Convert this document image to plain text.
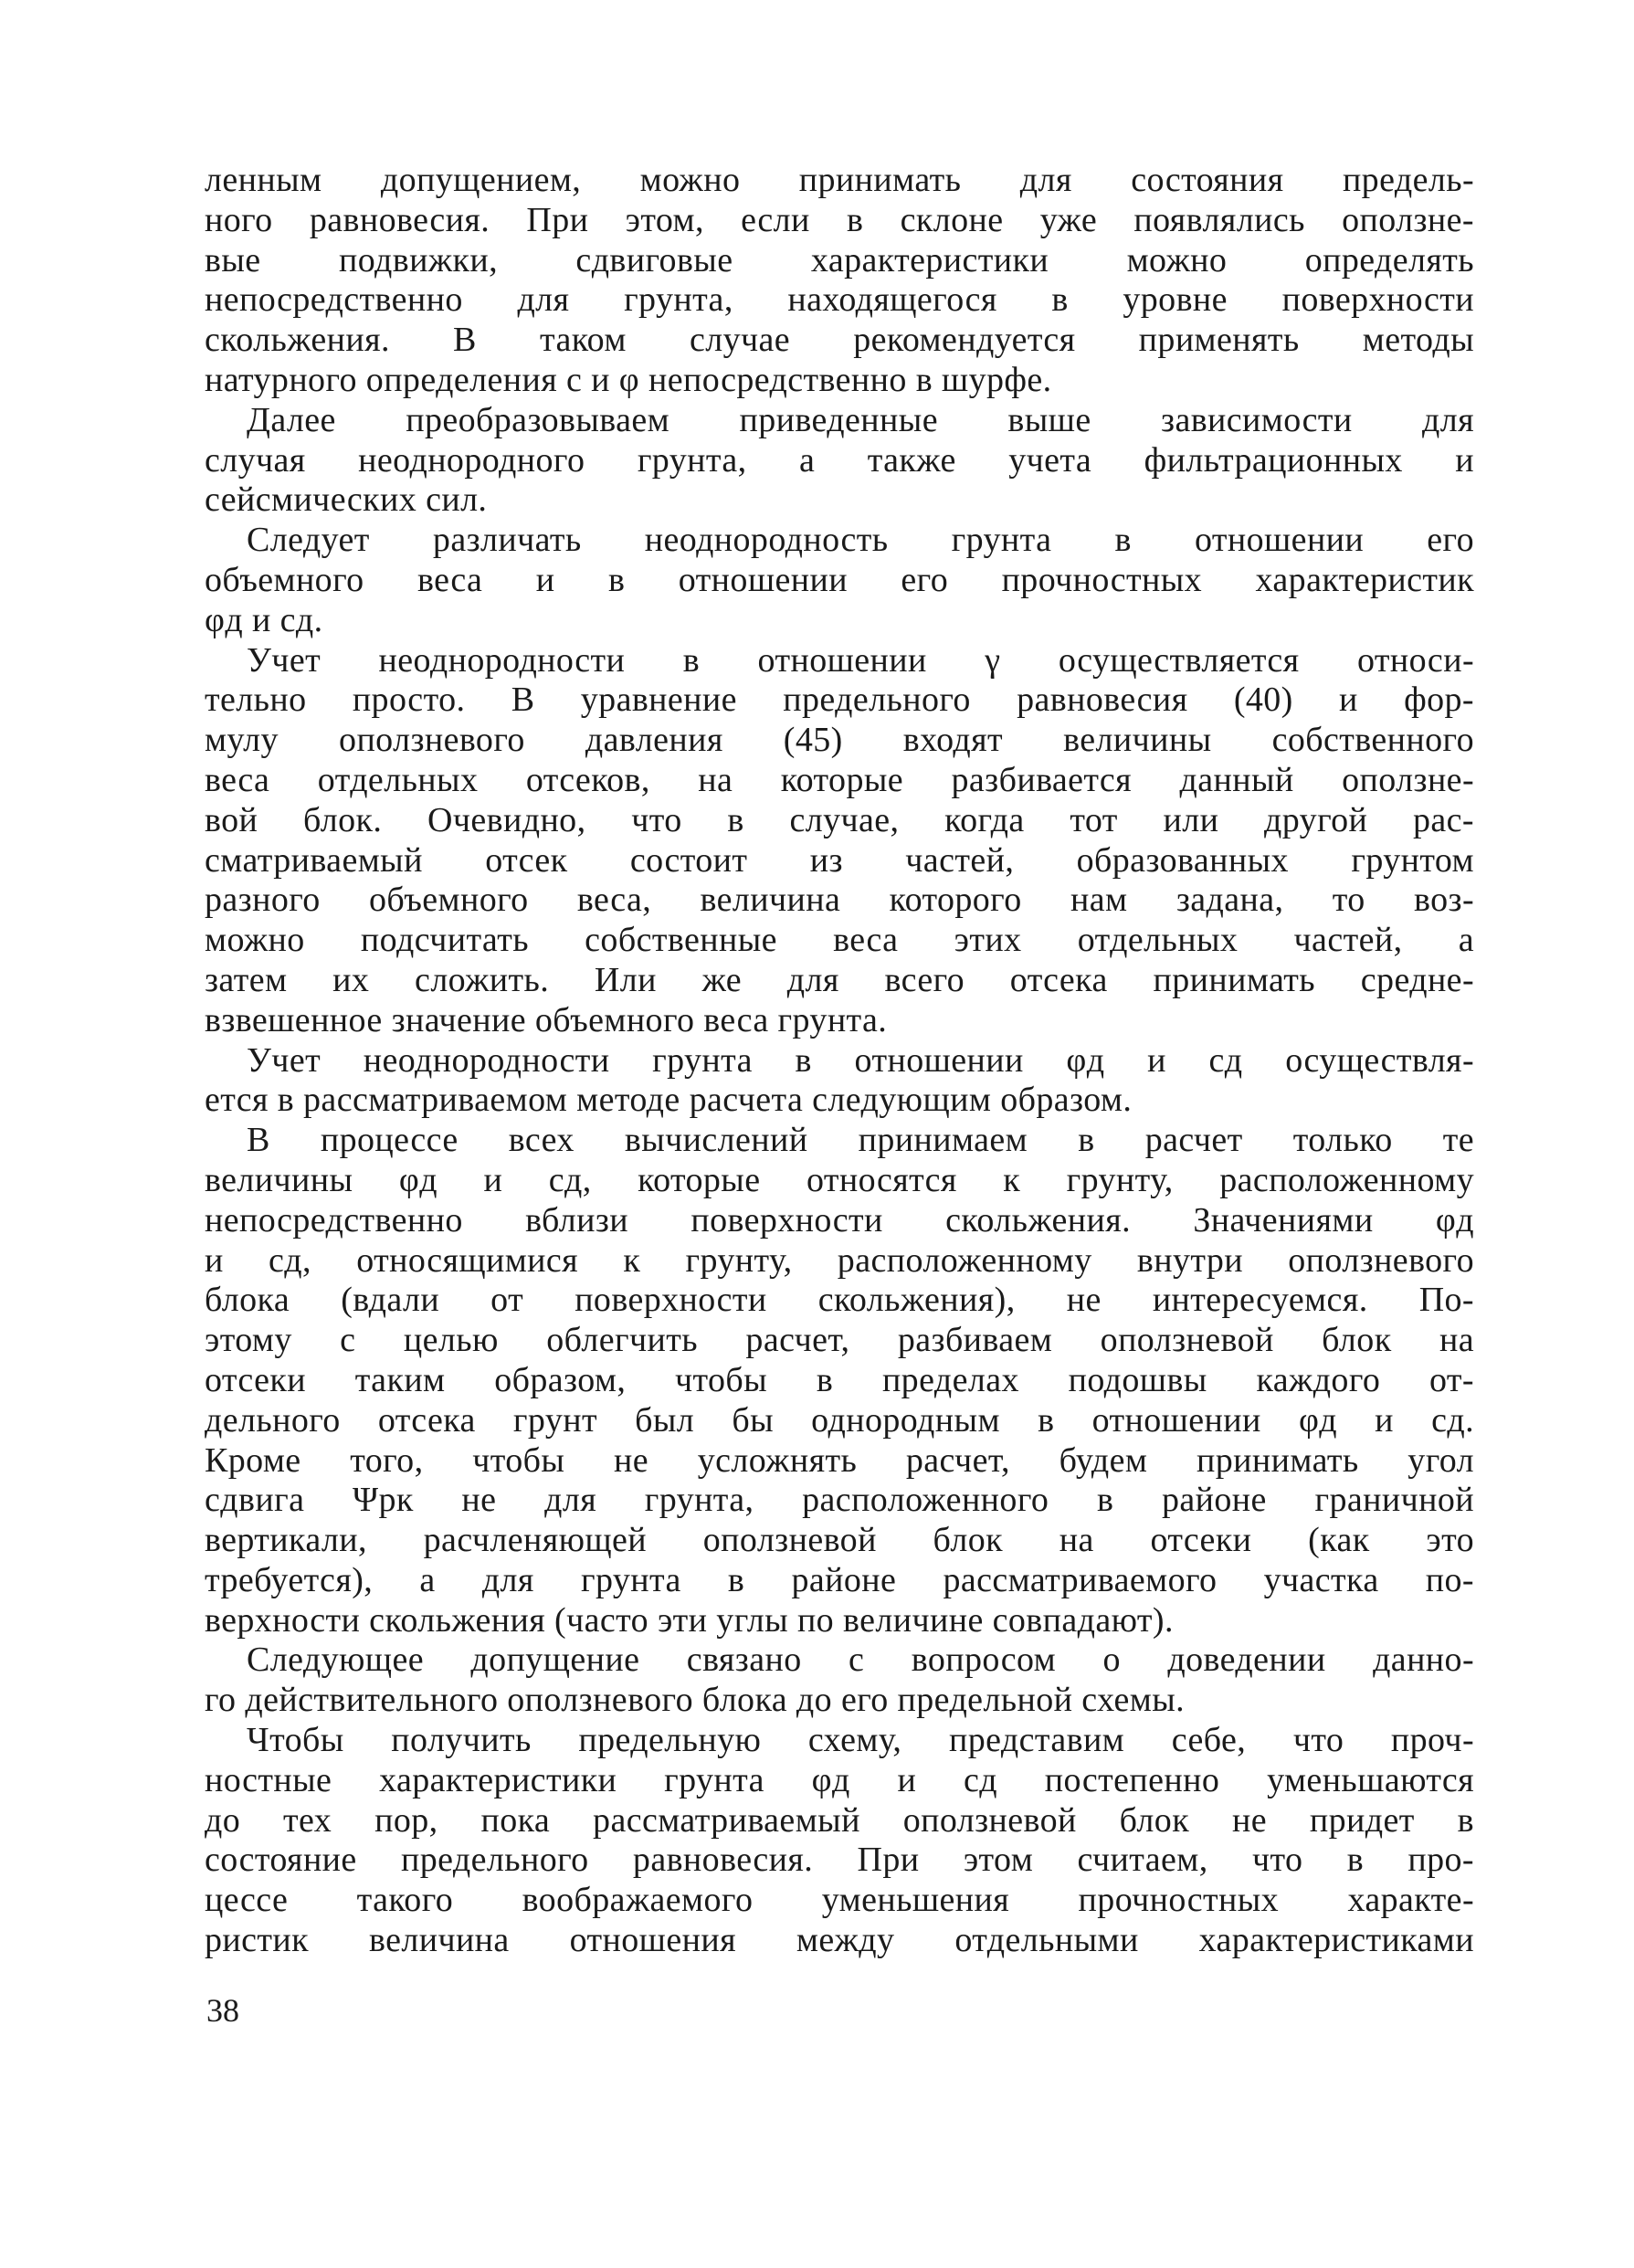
ленным допущением, можно принимать для состояния предель-
ного равновесия. При этом, если в склоне уже появлялись оползне-
вые подвижки, сдвиговые характеристики можно определять
непосредственно для грунта, находящегося в уровне поверхности
скольжения. В таком случае рекомендуется применять методы
натурного определения c и φ непосредственно в шурфе.
Далее преобразовываем приведенные выше зависимости для
случая неоднородного грунта, а также учета фильтрационных и
сейсмических сил.
Следует различать неоднородность грунта в отношении его
объемного веса и в отношении его прочностных характеристик
φд и cд.
Учет неоднородности в отношении γ осуществляется относи-
тельно просто. В уравнение предельного равновесия (40) и фор-
мулу оползневого давления (45) входят величины собственного
веса отдельных отсеков, на которые разбивается данный оползне-
вой блок. Очевидно, что в случае, когда тот или другой рас-
сматриваемый отсек состоит из частей, образованных грунтом
разного объемного веса, величина которого нам задана, то воз-
можно подсчитать собственные веса этих отдельных частей, а
затем их сложить. Или же для всего отсека принимать средне-
взвешенное значение объемного веса грунта.
Учет неоднородности грунта в отношении φд и cд осуществля-
ется в рассматриваемом методе расчета следующим образом.
В процессе всех вычислений принимаем в расчет только те
величины φд и cд, которые относятся к грунту, расположенному
непосредственно вблизи поверхности скольжения. Значениями φд
и cд, относящимися к грунту, расположенному внутри оползневого
блока (вдали от поверхности скольжения), не интересуемся. По-
этому с целью облегчить расчет, разбиваем оползневой блок на
отсеки таким образом, чтобы в пределах подошвы каждого от-
дельного отсека грунт был бы однородным в отношении φд и cд.
Кроме того, чтобы не усложнять расчет, будем принимать угол
сдвига Ψрк не для грунта, расположенного в районе граничной
вертикали, расчленяющей оползневой блок на отсеки (как это
требуется), а для грунта в районе рассматриваемого участка по-
верхности скольжения (часто эти углы по величине совпадают).
Следующее допущение связано с вопросом о доведении данно-
го действительного оползневого блока до его предельной схемы.
Чтобы получить предельную схему, представим себе, что проч-
ностные характеристики грунта φд и cд постепенно уменьшаются
до тех пор, пока рассматриваемый оползневой блок не придет в
состояние предельного равновесия. При этом считаем, что в про-
цессе такого воображаемого уменьшения прочностных характе-
ристик величина отношения между отдельными характеристиками
38
